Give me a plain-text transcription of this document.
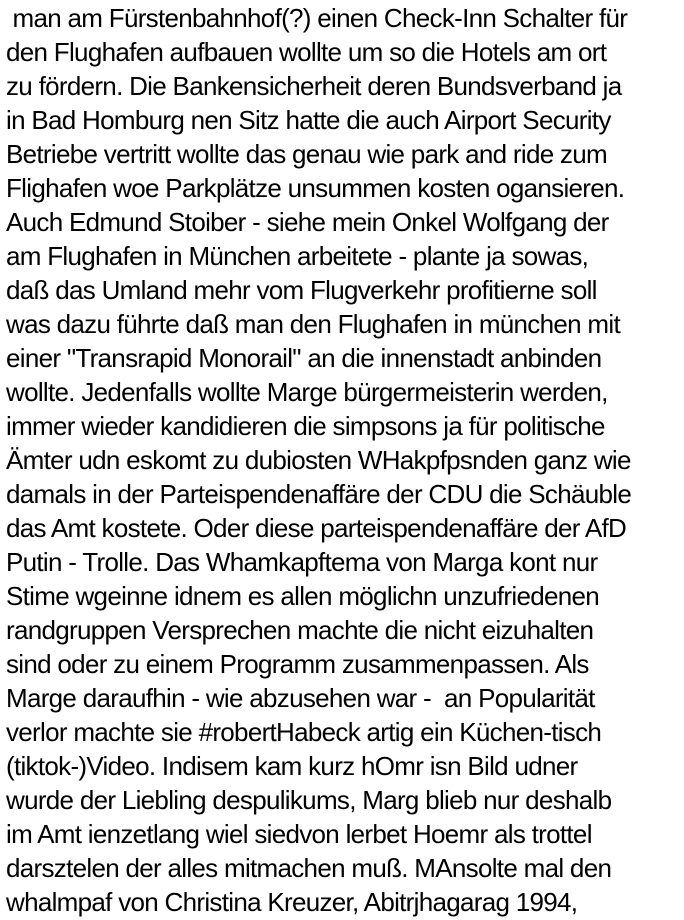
man am Fürstenbahnhof(?) einen Check-Inn Schalter für
den Flughafen aufbauen wollte um so die Hotels am ort
zu fördern. Die Bankensicherheit deren Bundsverband ja
in Bad Homburg nen Sitz hatte die auch Airport Security
Betriebe vertritt wollte das genau wie park and ride zum
Flighafen woe Parkplätze unsummen kosten ogansieren.
Auch Edmund Stoiber - siehe mein Onkel Wolfgang der
am Flughafen in München arbeitete - plante ja sowas,
daß das Umland mehr vom Flugverkehr profitierne soll
was dazu führte daß man den Flughafen in münchen mit
einer "Transrapid Monorail" an die innenstadt anbinden
wollte. Jedenfalls wollte Marge bürgermeisterin werden,
immer wieder kandidieren die simpsons ja für politische
Ämter udn eskomt zu dubiosten WHakpfpsnden ganz wie
damals in der Parteispendenaffäre der CDU die Schäuble
das Amt kostete. Oder diese parteispendenaffäre der AfD
Putin - Trolle. Das Whamkapftema von Marga kont nur
Stime wgeinne idnem es allen möglichn unzufriedenen
randgruppen Versprechen machte die nicht eizuhalten
sind oder zu einem Programm zusammenpassen. Als
Marge daraufhin - wie abzusehen war -  an Popularität
verlor machte sie #robertHabeck artig ein Küchen-tisch
(tiktok-)Video. Indisem kam kurz hOmr isn Bild udner
wurde der Liebling despulikums, Marg blieb nur deshalb
im Amt ienzetlang wiel siedvon lerbet Hoemr als trottel
darsztelen der alles mitmachen muß. MAnsolte mal den
whalmpaf von Christina Kreuzer, Abitrjhagarag 1994,
